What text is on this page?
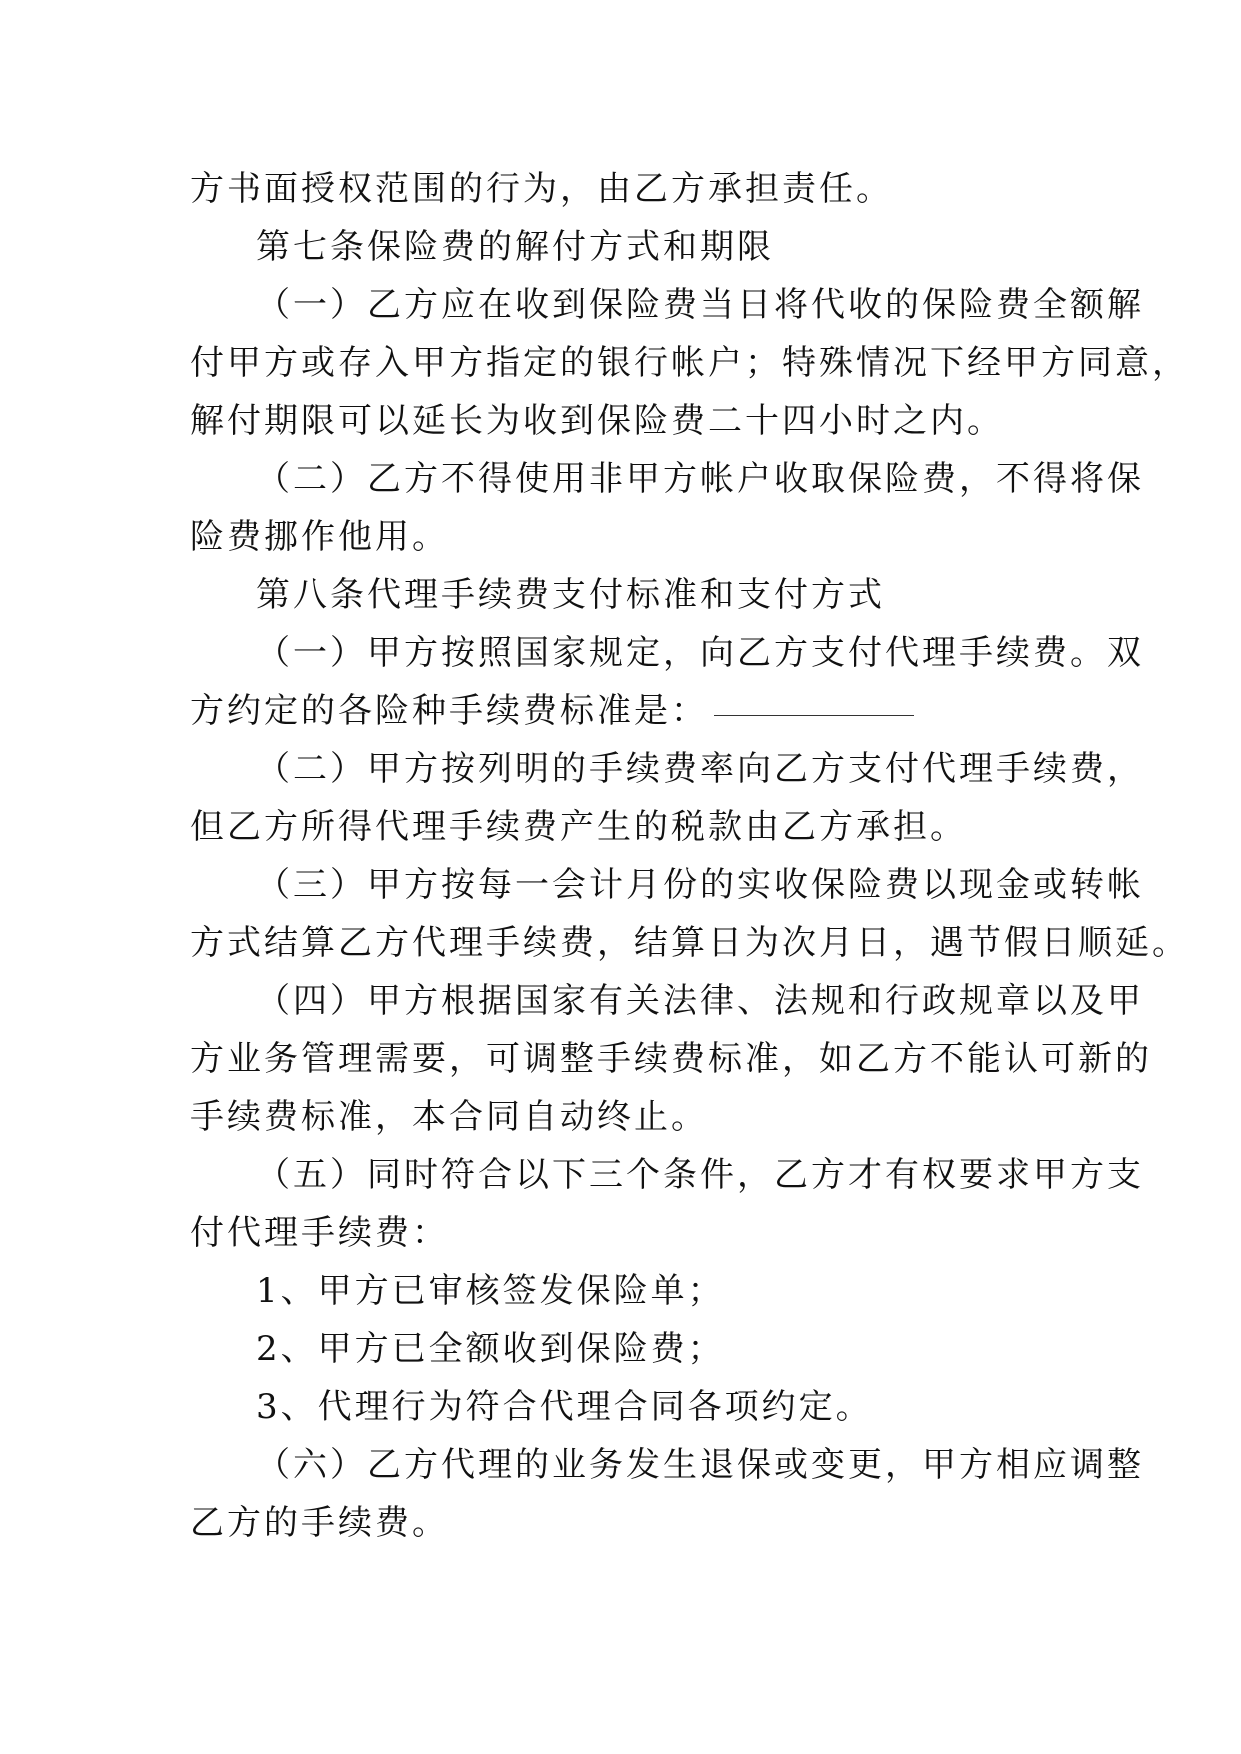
方书面授权范围的行为，由乙方承担责任。
第七条保险费的解付方式和期限
（一）乙方应在收到保险费当日将代收的保险费全额解
付甲方或存入甲方指定的银行帐户；特殊情况下经甲方同意，
解付期限可以延长为收到保险费二十四小时之内。
（二）乙方不得使用非甲方帐户收取保险费，不得将保
险费挪作他用。
第八条代理手续费支付标准和支付方式
（一）甲方按照国家规定，向乙方支付代理手续费。双
方约定的各险种手续费标准是：
（二）甲方按列明的手续费率向乙方支付代理手续费，
但乙方所得代理手续费产生的税款由乙方承担。
（三）甲方按每一会计月份的实收保险费以现金或转帐
方式结算乙方代理手续费，结算日为次月日，遇节假日顺延。
（四）甲方根据国家有关法律、法规和行政规章以及甲
方业务管理需要，可调整手续费标准，如乙方不能认可新的
手续费标准，本合同自动终止。
（五）同时符合以下三个条件，乙方才有权要求甲方支
付代理手续费：
1、甲方已审核签发保险单；
2、甲方已全额收到保险费；
3、代理行为符合代理合同各项约定。
（六）乙方代理的业务发生退保或变更，甲方相应调整
乙方的手续费。
